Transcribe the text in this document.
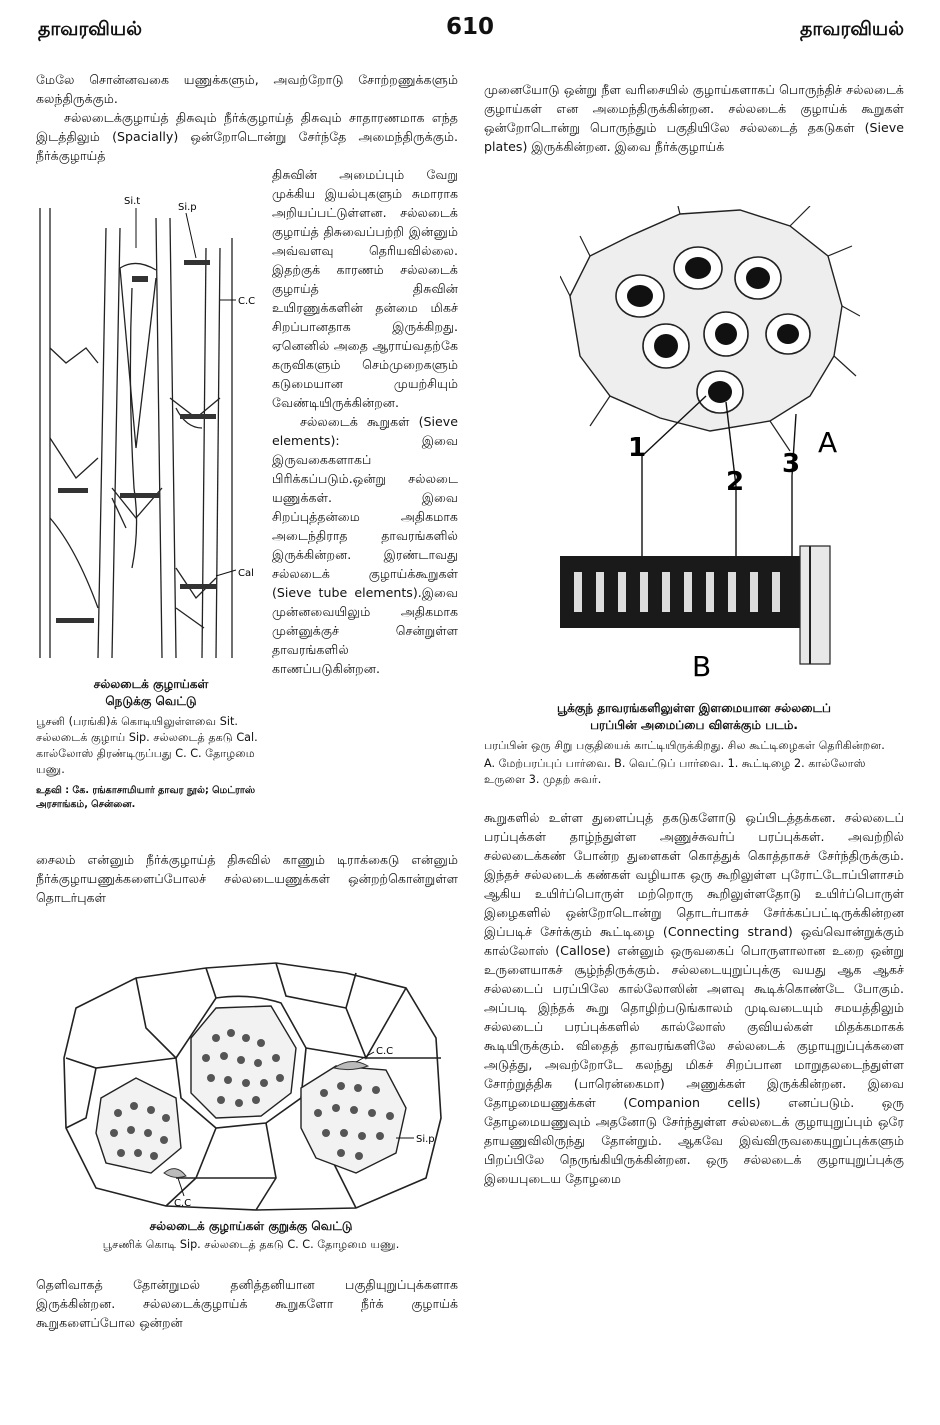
தாவரவியல்	610	தாவரவியல்

மேலே சொன்னவகை யணுக்களும், அவற்றோடு சோற்றணுக்களும் கலந்திருக்கும்.

சல்லடைக்குழாய்த் திசுவும் நீர்க்குழாய்த் திசுவும் சாதாரணமாக எந்த இடத்திலும் (Spacially) ஒன்றோடொன்று சேர்ந்தே அமைந்திருக்கும். நீர்க்குழாய்த்

Si.t
Si.p
C.C
Cal

திசுவின் அமைப்பும் வேறு முக்கிய இயல்புகளும் சுமாராக அறியப்பட்டுள்ளன. சல்லடைக் குழாய்த் திசுவைப்பற்றி இன்னும் அவ்வளவு தெரியவில்லை. இதற்குக் காரணம் சல்லடைக் குழாய்த் திசுவின் உயிரணுக்களின் தன்மை மிகச் சிறப்பானதாக இருக்கிறது. ஏனெனில் அதை ஆராய்வதற்கே கருவிகளும் செம்முறைகளும் கடுமையான முயற்சியும் வேண்டியிருக்கின்றன.

சல்லடைக் கூறுகள் (Sieve elements): இவை இருவகைகளாகப் பிரிக்கப்படும்.ஒன்று சல்லடை யணுக்கள். இவை சிறப்புத்தன்மை அதிகமாக அடைந்திராத தாவரங்களில் இருக்கின்றன. இரண்டாவது சல்லடைக் குழாய்க்கூறுகள் (Sieve tube elements).இவை முன்னவையிலும் அதிகமாக முன்னுக்குச் சென்றுள்ள தாவரங்களில் காணப்படுகின்றன.

சல்லடைக் குழாய்கள்
நெடுக்கு வெட்டு
பூசனி (பரங்கி)க் கொடியிலுள்ளவை Sit. சல்லடைக் குழாய் Sip. சல்லடைத் தகடு Cal. கால்லோஸ் திரண்டிருப்பது C. C. தோழமை யணு.
உதவி : கே. ரங்காசாமியார் தாவர நூல்; மெட்ராஸ் அரசாங்கம், சென்னை.

சைலம் என்னும் நீர்க்குழாய்த் திசுவில் காணும் டிராக்கைடு என்னும் நீர்க்குழாயணுக்களைப்போலச் சல்லடையணுக்கள் ஒன்றற்கொன்றுள்ள தொடர்புகள்

C.C
Si.p
C.C
சல்லடைக் குழாய்கள் குறுக்கு வெட்டு
பூசணிக் கொடி Sip. சல்லடைத் தகடு C. C. தோழமை யணு.

தெளிவாகத் தோன்றுமல் தனித்தனியான பகுதியுறுப்புக்களாக இருக்கின்றன. சல்லடைக்குழாய்க் கூறுகளோ நீர்க் குழாய்க் கூறுகளைப்போல ஒன்றன்

முனையோடு ஒன்று நீள வரிசையில் குழாய்களாகப் பொருந்திச் சல்லடைக் குழாய்கள் என அமைந்திருக்கின்றன. சல்லடைக் குழாய்க் கூறுகள் ஒன்றோடொன்று பொருந்தும் பகுதியிலே சல்லடைத் தகடுகள் (Sieve plates) இருக்கின்றன. இவை நீர்க்குழாய்க்

1
2
3
A
B
பூக்குந் தாவரங்களிலுள்ள இளமையான சல்லடைப்
பரப்பின் அமைப்பை விளக்கும் படம்.
பரப்பின் ஒரு சிறு பகுதியைக் காட்டியிருக்கிறது. சில கூட்டிழைகள் தெரிகின்றன.
A. மேற்பரப்புப் பார்வை. B. வெட்டுப் பார்வை. 1. கூட்டிழை 2. கால்லோஸ் உருளை 3. முதற் சுவர்.

கூறுகளில் உள்ள துளைப்புத் தகடுகளோடு ஒப்பிடத்தக்கன. சல்லடைப் பரப்புக்கள் தாழ்ந்துள்ள அணுச்சுவர்ப் பரப்புக்கள். அவற்றில் சல்லடைக்கண் போன்ற துளைகள் கொத்துக் கொத்தாகச் சேர்ந்திருக்கும். இந்தச் சல்லடைக் கண்கள் வழியாக ஒரு கூறிலுள்ள புரோட்டோப்பிளாசம் ஆகிய உயிர்ப்பொருள் மற்றொரு கூறிலுள்ளதோடு உயிர்ப்பொருள் இழைகளில் ஒன்றோடொன்று தொடர்பாகச் சேர்க்கப்பட்டிருக்கின்றன இப்படிச் சேர்க்கும் கூட்டிழை (Connecting strand) ஒவ்வொன்றுக்கும் கால்லோஸ் (Callose) என்னும் ஒருவகைப் பொருளாலான உறை ஒன்று உருளையாகச் சூழ்ந்திருக்கும். சல்லடையுறுப்புக்கு வயது ஆக ஆகச் சல்லடைப் பரப்பிலே கால்லோஸின் அளவு கூடிக்கொண்டே போகும். அப்படி இந்தக் கூறு தொழிற்படுங்காலம் முடிவடையும் சமயத்திலும் சல்லடைப் பரப்புக்களில் கால்லோஸ் குவியல்கள் மிதக்கமாகக் கூடியிருக்கும். விதைத் தாவரங்களிலே சல்லடைக் குழாயுறுப்புக்களை அடுத்து, அவற்றோடே கலந்து மிகச் சிறப்பான மாறுதலடைந்துள்ள சோற்றுத்திசு (பாரென்கைமா) அணுக்கள் இருக்கின்றன. இவை தோழமையணுக்கள் (Companion cells) எனப்படும். ஒரு தோழமையணுவும் அதனோடு சேர்ந்துள்ள சல்லடைக் குழாயுறுப்பும் ஒரே தாயணுவிலிருந்து தோன்றும். ஆகவே இவ்விருவகையுறுப்புக்களும் பிறப்பிலே நெருங்கியிருக்கின்றன. ஒரு சல்லடைக் குழாயுறுப்புக்கு இயைபுடைய தோழமை
